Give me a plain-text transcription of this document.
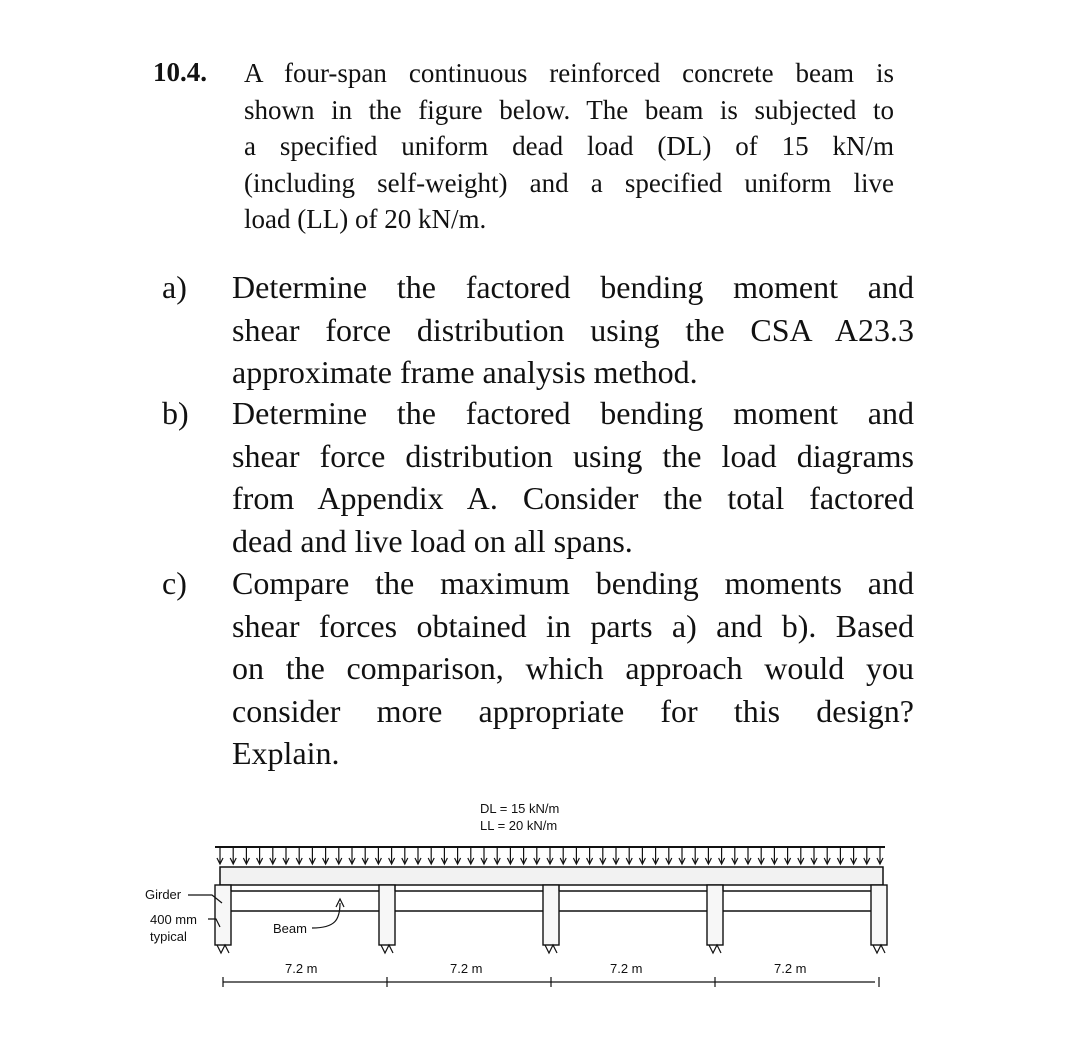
10.4. A four-span continuous reinforced concrete beam is
shown in the figure below. The beam is subjected to
a specified uniform dead load (DL) of 15 kN/m
(including self-weight) and a specified uniform live
load (LL) of 20 kN/m.
a) Determine the factored bending moment and
shear force distribution using the CSA A23.3
approximate frame analysis method.
b) Determine the factored bending moment and
shear force distribution using the load diagrams
from Appendix A. Consider the total factored
dead and live load on all spans.
c) Compare the maximum bending moments and
shear forces obtained in parts a) and b). Based
on the comparison, which approach would you
consider more appropriate for this design?
Explain.
DL = 15 kN/m
LL = 20 kN/m
Girder
400 mm
typical
Beam
7.2 m	7.2 m	7.2 m	7.2 m
